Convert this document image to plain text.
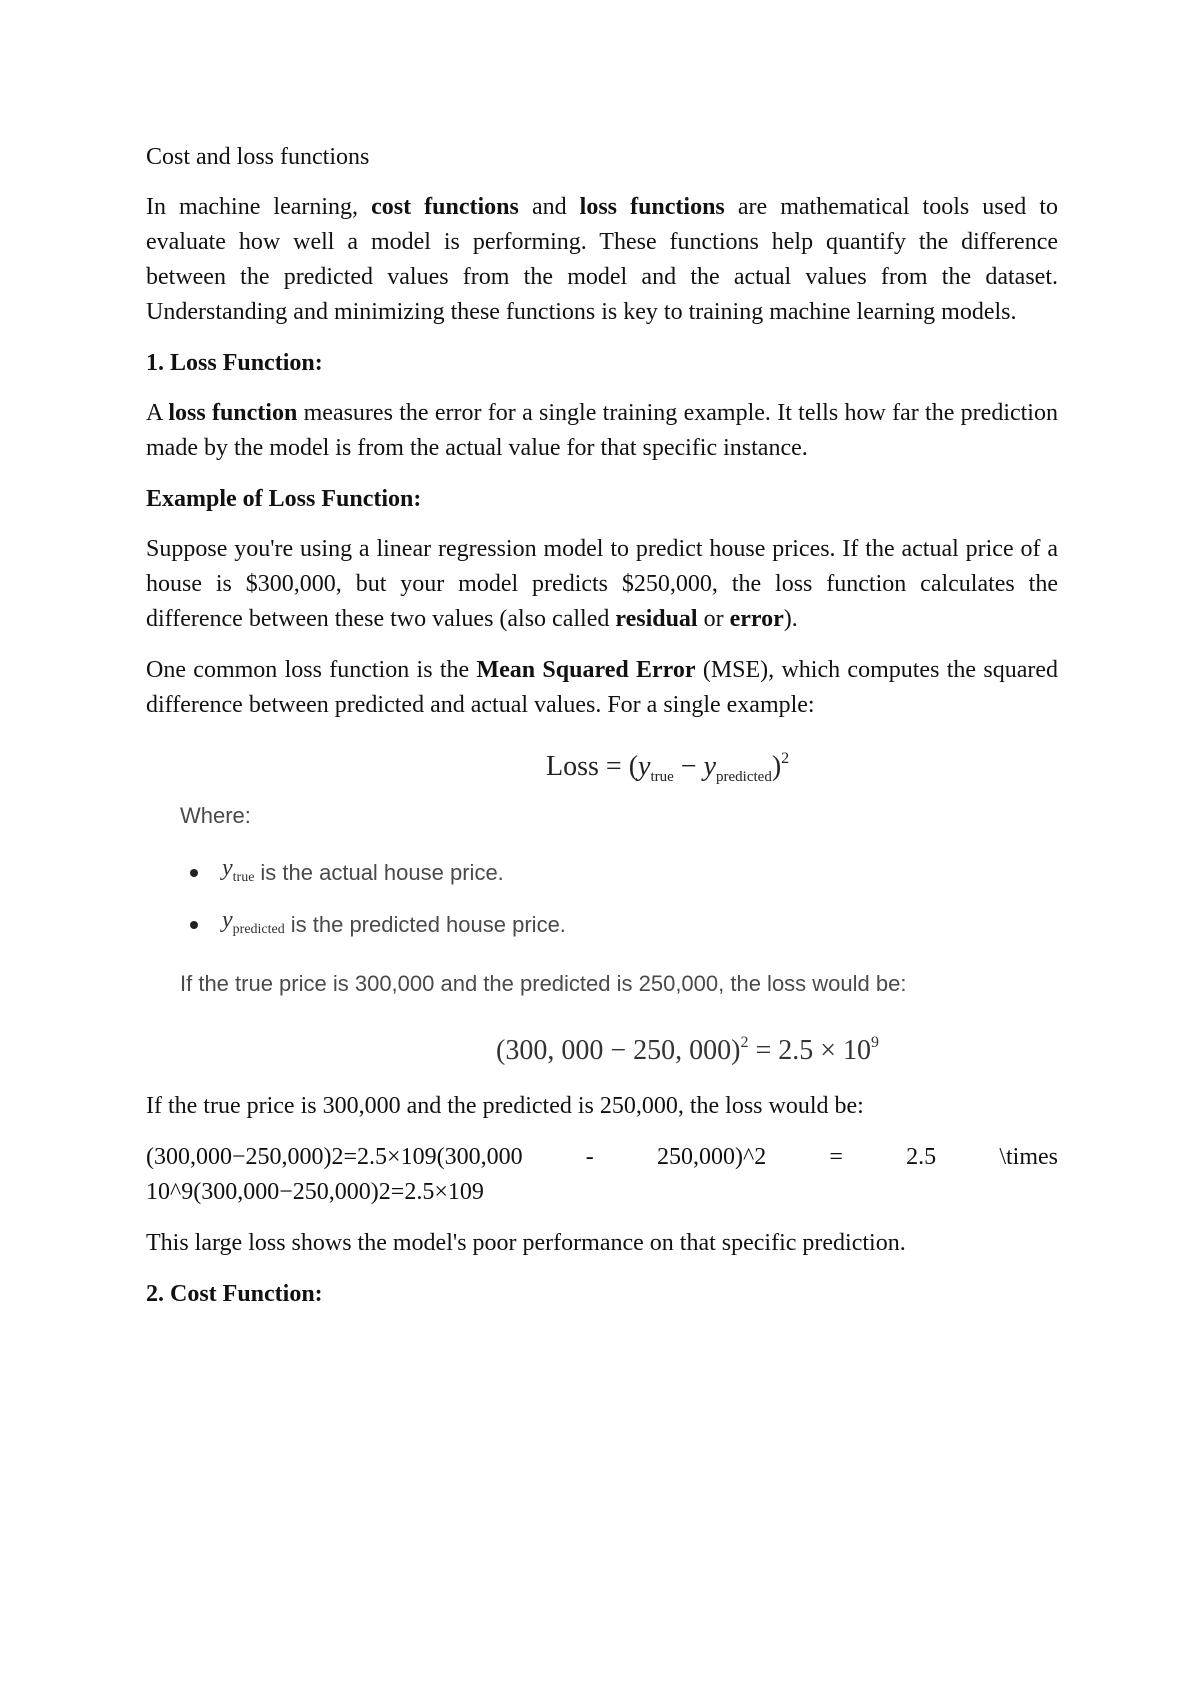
Cost and loss functions

In machine learning, cost functions and loss functions are mathematical tools used to evaluate how well a model is performing. These functions help quantify the difference between the predicted values from the model and the actual values from the dataset. Understanding and minimizing these functions is key to training machine learning models.

1. Loss Function:

A loss function measures the error for a single training example. It tells how far the prediction made by the model is from the actual value for that specific instance.

Example of Loss Function:

Suppose you're using a linear regression model to predict house prices. If the actual price of a house is $300,000, but your model predicts $250,000, the loss function calculates the difference between these two values (also called residual or error).

One common loss function is the Mean Squared Error (MSE), which computes the squared difference between predicted and actual values. For a single example:

Loss = $(y_{true} - y_{predicted})^2$
Where:
$y_{true}$ is the actual house price.
$y_{predicted}$ is the predicted house price.
If the true price is 300,000 and the predicted is 250,000, the loss would be:
(300, 000 − 250, $000)^2 = 2.5 \times 10^9$

If the true price is 300,000 and the predicted is 250,000, the loss would be:

(300,000−250,000)2=2.5×109(300,000 - 250,000)^2 = 2.5 \times 10^9(300,000−250,000)2=2.5×109

This large loss shows the model's poor performance on that specific prediction.

2. Cost Function:
